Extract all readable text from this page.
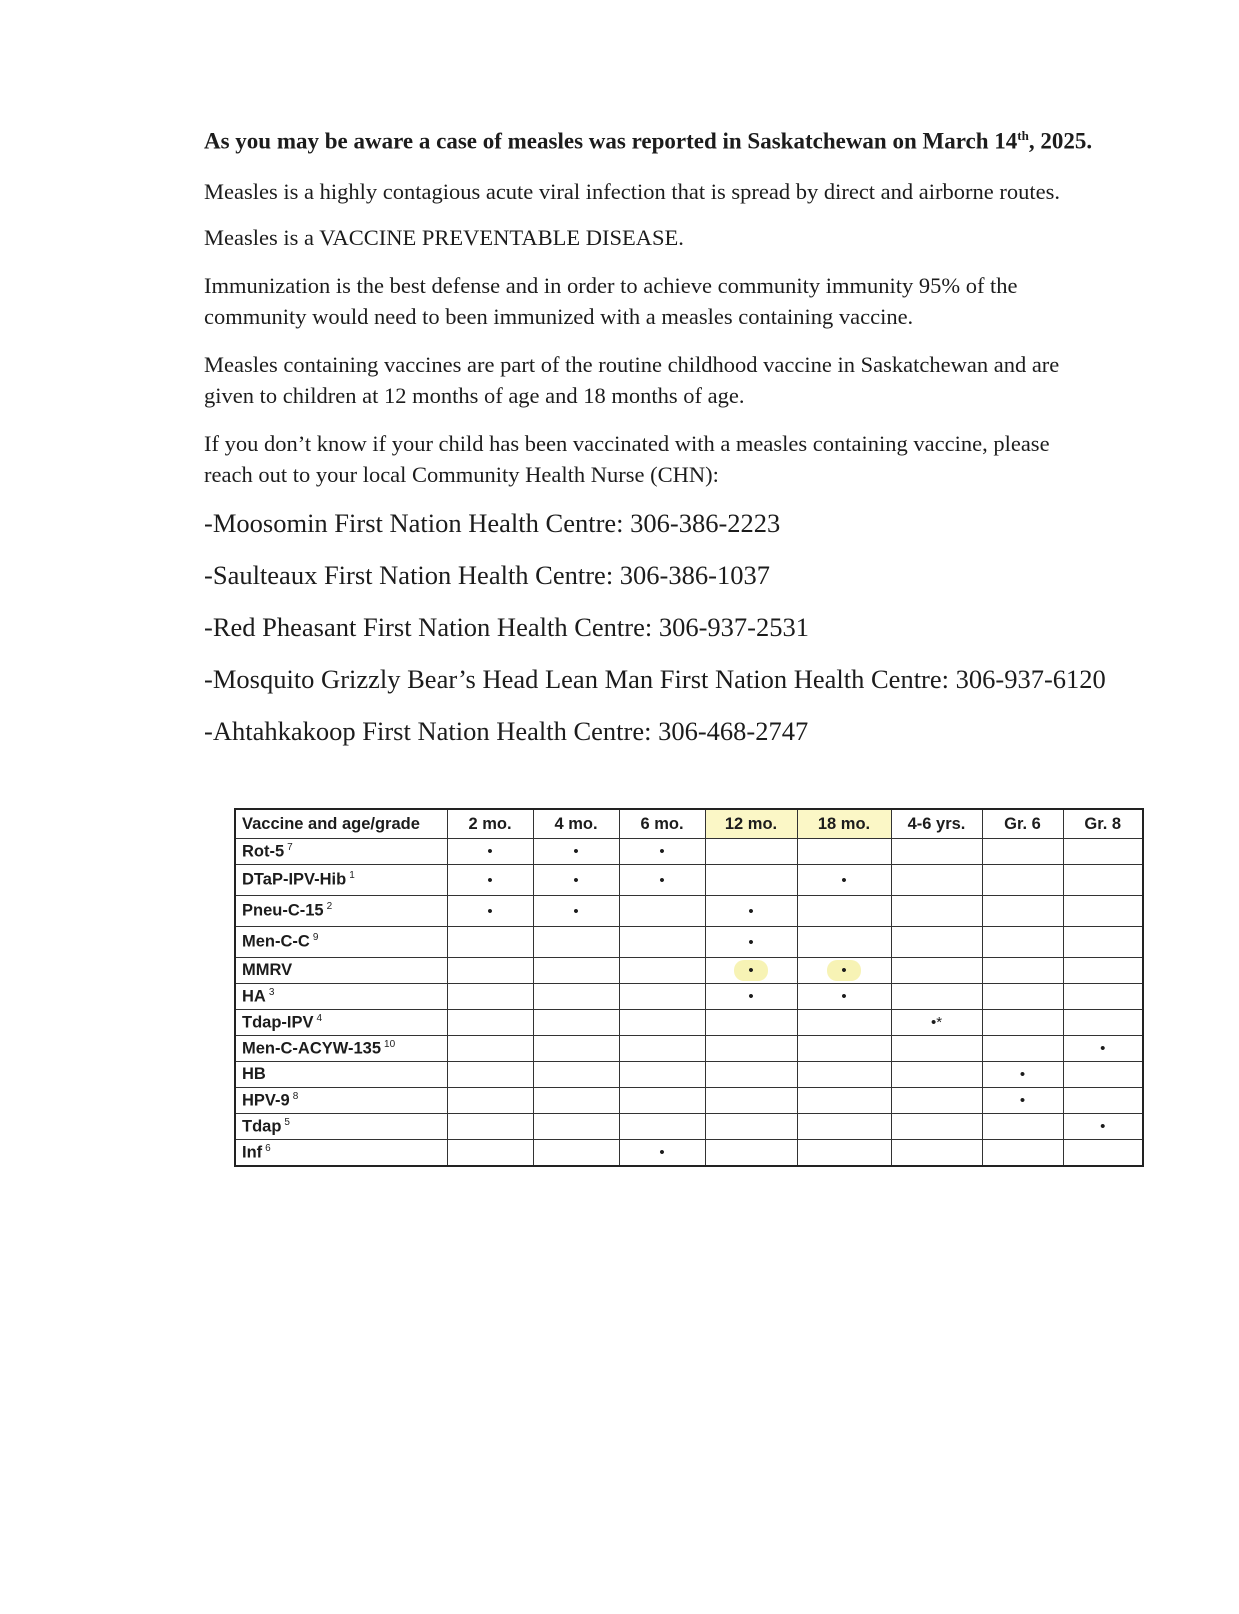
As you may be aware a case of measles was reported in Saskatchewan on March 14th, 2025.

Measles is a highly contagious acute viral infection that is spread by direct and airborne routes.

Measles is a VACCINE PREVENTABLE DISEASE.

Immunization is the best defense and in order to achieve community immunity 95% of the
community would need to been immunized with a measles containing vaccine.

Measles containing vaccines are part of the routine childhood vaccine in Saskatchewan and are
given to children at 12 months of age and 18 months of age.

If you don’t know if your child has been vaccinated with a measles containing vaccine, please
reach out to your local Community Health Nurse (CHN):

-Moosomin First Nation Health Centre: 306-386-2223

-Saulteaux First Nation Health Centre: 306-386-1037

-Red Pheasant First Nation Health Centre: 306-937-2531

-Mosquito Grizzly Bear’s Head Lean Man First Nation Health Centre: 306-937-6120

-Ahtahkakoop First Nation Health Centre: 306-468-2747

Vaccine and age/grade	2 mo.	4 mo.	6 mo.	12 mo.	18 mo.	4-6 yrs.	Gr. 6	Gr. 8
Rot-5 $^7$	•	•	•					
DTaP-IPV-Hib $^1$	•	•	•		•			
Pneu-C-15 $^2$	•	•		•				
Men-C-C $^9$				•				
MMRV				•	•			
HA $^3$				•	•			
Tdap-IPV $^4$						•*		
Men-C-ACYW-135 $^{10}$								•
HB							•	
HPV-9 $^8$							•	
Tdap $^5$								•
Inf $^6$			•					
